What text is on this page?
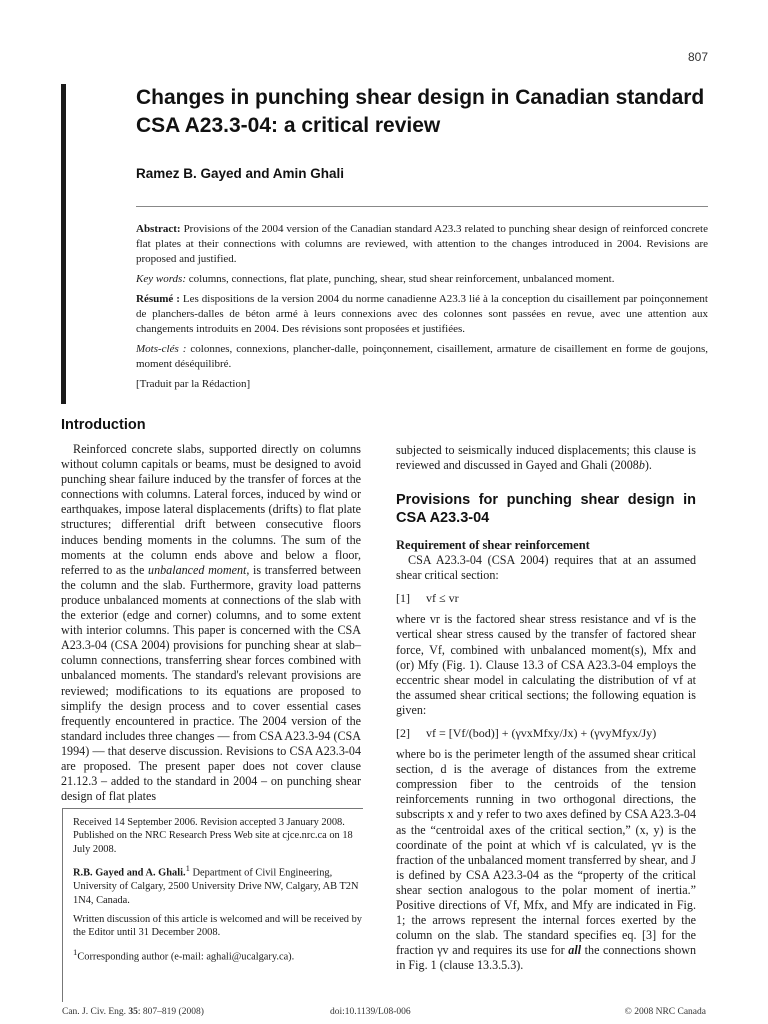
807
Changes in punching shear design in Canadian standard CSA A23.3-04: a critical review
Ramez B. Gayed and Amin Ghali

Abstract: Provisions of the 2004 version of the Canadian standard A23.3 related to punching shear design of reinforced concrete flat plates at their connections with columns are reviewed, with attention to the changes introduced in 2004. Revisions are proposed and justified.

Key words: columns, connections, flat plate, punching, shear, stud shear reinforcement, unbalanced moment.

Résumé : Les dispositions de la version 2004 du norme canadienne A23.3 lié à la conception du cisaillement par poinçonnement de planchers-dalles de béton armé à leurs connexions avec des colonnes sont passées en revue, avec une attention aux changements introduits en 2004. Des révisions sont proposées et justifiées.

Mots-clés : colonnes, connexions, plancher-dalle, poinçonnement, cisaillement, armature de cisaillement en forme de goujons, moment déséquilibré.

[Traduit par la Rédaction]

Introduction

Reinforced concrete slabs, supported directly on columns without column capitals or beams, must be designed to avoid punching shear failure induced by the transfer of forces at the connections with columns. Lateral forces, induced by wind or earthquakes, impose lateral displacements (drifts) to flat plate structures; differential drift between consecutive floors induces bending moments in the columns. The sum of the moments at the column ends above and below a floor, referred to as the unbalanced moment, is transferred between the column and the slab. Furthermore, gravity load patterns produce unbalanced moments at connections of the slab with the exterior (edge and corner) columns, and to some extent with interior columns. This paper is concerned with the CSA A23.3-04 (CSA 2004) provisions for punching shear at slab–column connections, transferring shear forces combined with unbalanced moments. The standard's relevant provisions are reviewed; modifications to its equations are proposed to simplify the design process and to cover essential cases frequently encountered in practice. The 2004 version of the standard includes three changes — from CSA A23.3-94 (CSA 1994) — that deserve discussion. Revisions to CSA A23.3-04 are proposed. The present paper does not cover clause 21.12.3 – added to the standard in 2004 – on punching shear design of flat plates

subjected to seismically induced displacements; this clause is reviewed and discussed in Gayed and Ghali (2008b).

Provisions for punching shear design in CSA A23.3-04
Requirement of shear reinforcement

CSA A23.3-04 (CSA 2004) requires that at an assumed shear critical section:

[1]	vf ≤ vr

where vr is the factored shear stress resistance and vf is the vertical shear stress caused by the transfer of factored shear force, Vf, combined with unbalanced moment(s), Mfx and (or) Mfy (Fig. 1). Clause 13.3 of CSA A23.3-04 employs the eccentric shear model in calculating the distribution of vf at the assumed shear critical sections; the following equation is given:

[2]	vf = [Vf/(bod)] + (γvxMfxy/Jx) + (γvyMfyx/Jy)

where bo is the perimeter length of the assumed shear critical section, d is the average of distances from the extreme compression fiber to the centroids of the tension reinforcements running in two orthogonal directions, the subscripts x and y refer to two axes defined by CSA A23.3-04 as the “centroidal axes of the critical section,” (x, y) is the coordinate of the point at which vf is calculated, γv is the fraction of the unbalanced moment transferred by shear, and J is defined by CSA A23.3-04 as the “property of the critical shear section analogous to the polar moment of inertia.” Positive directions of Vf, Mfx, and Mfy are indicated in Fig. 1; the arrows represent the internal forces exerted by the column on the slab. The standard specifies eq. [3] for the fraction γv and requires its use for all the connections shown in Fig. 1 (clause 13.3.5.3).

Received 14 September 2006. Revision accepted 3 January 2008. Published on the NRC Research Press Web site at cjce.nrc.ca on 18 July 2008.

R.B. Gayed and A. Ghali.$^1$ Department of Civil Engineering, University of Calgary, 2500 University Drive NW, Calgary, AB T2N 1N4, Canada.

Written discussion of this article is welcomed and will be received by the Editor until 31 December 2008.

$^1$Corresponding author (e-mail: aghali@ucalgary.ca).

Can. J. Civ. Eng. 35: 807–819 (2008)	doi:10.1139/L08-006	© 2008 NRC Canada
